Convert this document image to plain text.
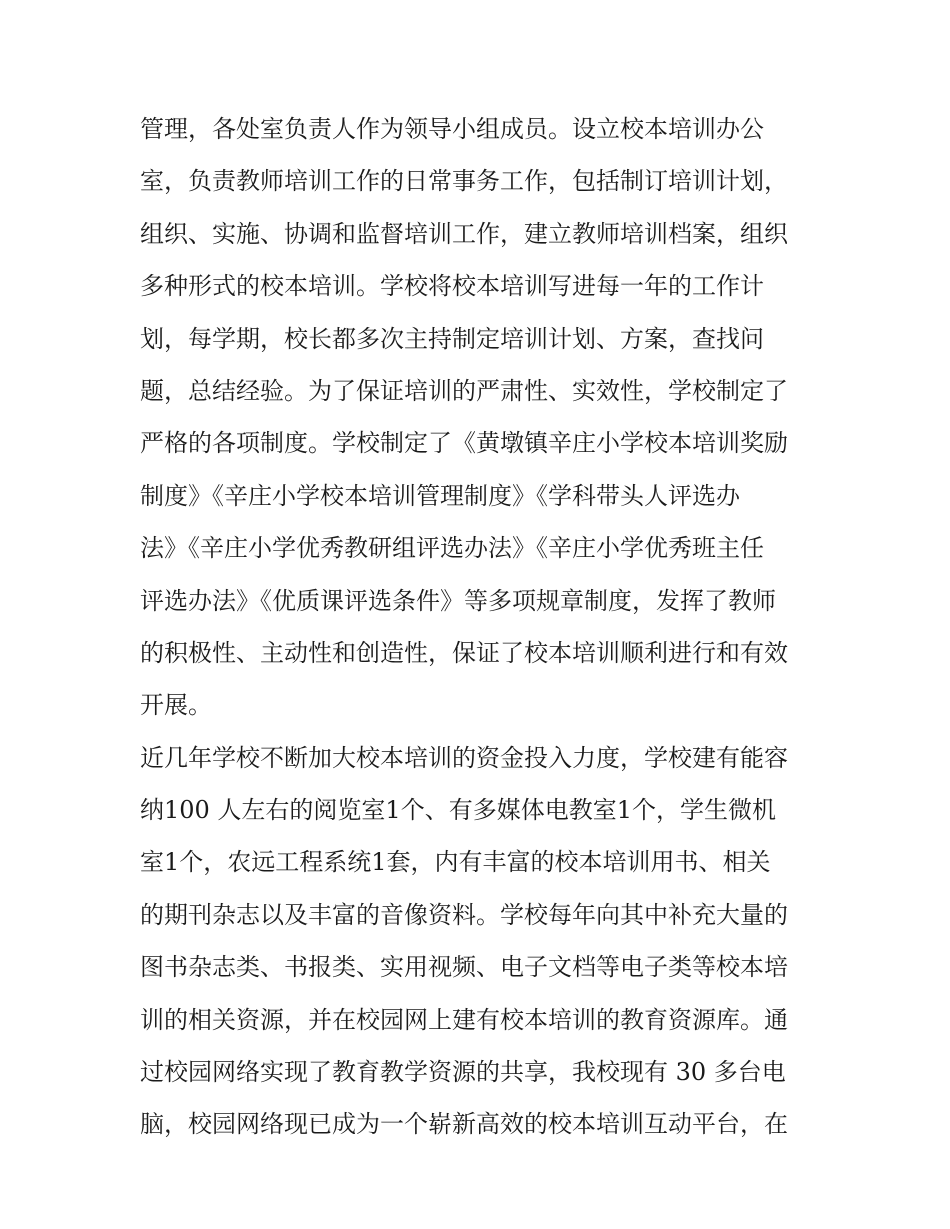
管理，各处室负责人作为领导小组成员。设立校本培训办公
室，负责教师培训工作的日常事务工作，包括制订培训计划，
组织、实施、协调和监督培训工作，建立教师培训档案，组织
多种形式的校本培训。学校将校本培训写进每一年的工作计
划，每学期，校长都多次主持制定培训计划、方案，查找问
题，总结经验。为了保证培训的严肃性、实效性，学校制定了
严格的各项制度。学校制定了《黄墩镇辛庄小学校本培训奖励
制度》《辛庄小学校本培训管理制度》《学科带头人评选办
法》《辛庄小学优秀教研组评选办法》《辛庄小学优秀班主任
评选办法》《优质课评选条件》等多项规章制度，发挥了教师
的积极性、主动性和创造性，保证了校本培训顺利进行和有效
开展。
近几年学校不断加大校本培训的资金投入力度，学校建有能容
纳100 人左右的阅览室1个、有多媒体电教室1个，学生微机
室1个，农远工程系统1套，内有丰富的校本培训用书、相关
的期刊杂志以及丰富的音像资料。学校每年向其中补充大量的
图书杂志类、书报类、实用视频、电子文档等电子类等校本培
训的相关资源，并在校园网上建有校本培训的教育资源库。通
过校园网络实现了教育教学资源的共享，我校现有 30 多台电
脑，校园网络现已成为一个崭新高效的校本培训互动平台，在
